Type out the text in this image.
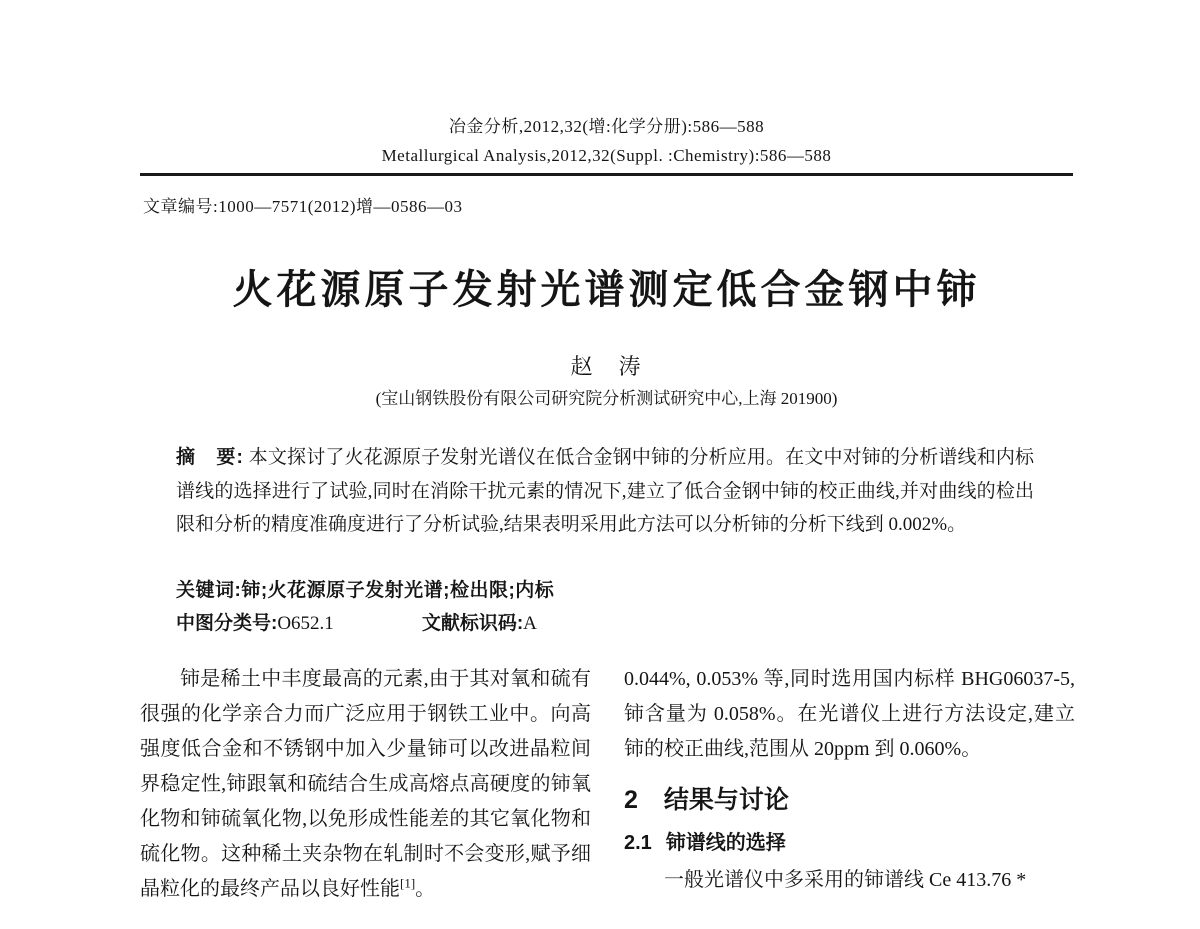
冶金分析,2012,32(增:化学分册):586—588
Metallurgical Analysis,2012,32(Suppl. :Chemistry):586—588
文章编号:1000—7571(2012)增—0586—03
火花源原子发射光谱测定低合金钢中铈
赵　涛
(宝山钢铁股份有限公司研究院分析测试研究中心,上海 201900)
摘　要: 本文探讨了火花源原子发射光谱仪在低合金钢中铈的分析应用。在文中对铈的分析谱线和内标谱线的选择进行了试验,同时在消除干扰元素的情况下,建立了低合金钢中铈的校正曲线,并对曲线的检出限和分析的精度准确度进行了分析试验,结果表明采用此方法可以分析铈的分析下线到 0.002%。
关键词:铈;火花源原子发射光谱;检出限;内标
中图分类号:O652.1	文献标识码:A

铈是稀土中丰度最高的元素,由于其对氧和硫有很强的化学亲合力而广泛应用于钢铁工业中。向高强度低合金和不锈钢中加入少量铈可以改进晶粒间界稳定性,铈跟氧和硫结合生成高熔点高硬度的铈氧化物和铈硫氧化物,以免形成性能差的其它氧化物和硫化物。这种稀土夹杂物在轧制时不会变形,赋予细晶粒化的最终产品以良好性能[1]。

0.044%, 0.053% 等,同时选用国内标样 BHG06037-5,铈含量为 0.058%。在光谱仪上进行方法设定,建立铈的校正曲线,范围从 20ppm 到 0.060%。

2 结果与讨论
2.1 铈谱线的选择

一般光谱仪中多采用的铈谱线 Ce 413.76 *
